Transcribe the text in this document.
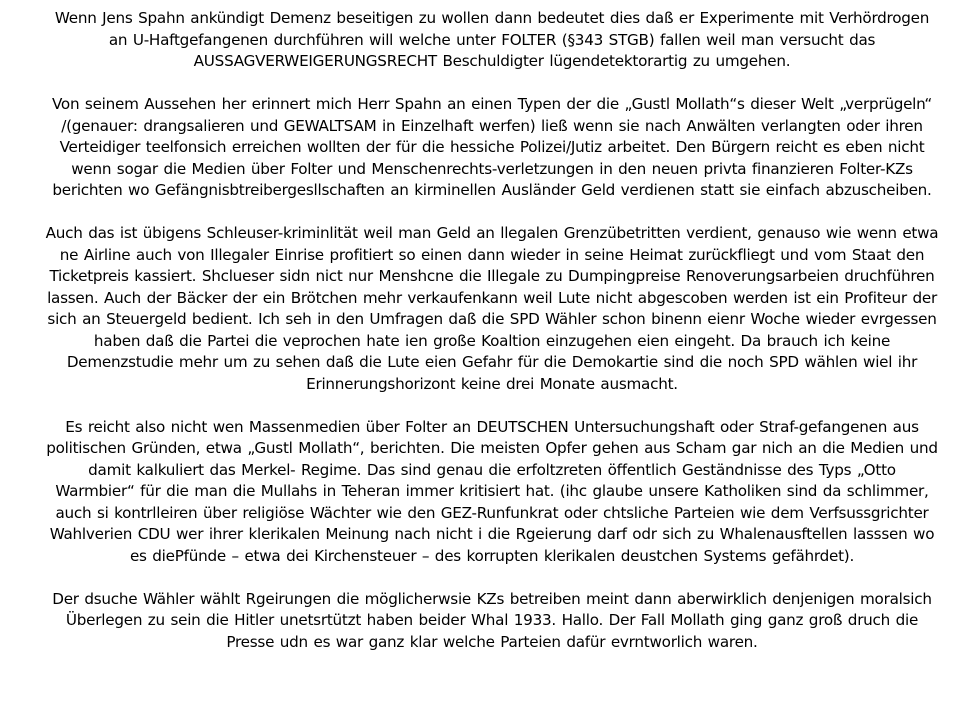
Wenn Jens Spahn ankündigt Demenz beseitigen zu wollen dann bedeutet dies daß er Experimente mit Verhördrogen
an U-Haftgefangenen durchführen will welche unter FOLTER (§343 STGB) fallen weil man versucht das
AUSSAGVERWEIGERUNGSRECHT Beschuldigter lügendetektorartig zu umgehen.

Von seinem Aussehen her erinnert mich Herr Spahn an einen Typen der die „Gustl Mollath“s dieser Welt „verprügeln“
/(genauer: drangsalieren und GEWALTSAM in Einzelhaft werfen) ließ wenn sie nach Anwälten verlangten oder ihren
Verteidiger teelfonsich erreichen wollten der für die hessiche Polizei/Jutiz arbeitet. Den Bürgern reicht es eben nicht
wenn sogar die Medien über Folter und Menschenrechts-verletzungen in den neuen privta finanzieren Folter-KZs
berichten wo Gefängnisbtreibergesllschaften an kirminellen Ausländer Geld verdienen statt sie einfach abzuscheiben.

Auch das ist übigens Schleuser-kriminlität weil man Geld an llegalen Grenzübetritten verdient, genauso wie wenn etwa
ne Airline auch von Illegaler Einrise profitiert so einen dann wieder in seine Heimat zurückfliegt und vom Staat den
Ticketpreis kassiert. Shclueser sidn nict nur Menshcne die Illegale zu Dumpingpreise Renoverungsarbeien druchführen
lassen. Auch der Bäcker der ein Brötchen mehr verkaufenkann weil Lute nicht abgescoben werden ist ein Profiteur der
sich an Steuergeld bedient. Ich seh in den Umfragen daß die SPD Wähler schon binenn eienr Woche wieder evrgessen
haben daß die Partei die veprochen hate ien große Koaltion einzugehen eien eingeht. Da brauch ich keine
Demenzstudie mehr um zu sehen daß die Lute eien Gefahr für die Demokartie sind die noch SPD wählen wiel ihr
Erinnerungshorizont keine drei Monate ausmacht.

Es reicht also nicht wen Massenmedien über Folter an DEUTSCHEN Untersuchungshaft oder Straf-gefangenen aus
politischen Gründen, etwa „Gustl Mollath“, berichten. Die meisten Opfer gehen aus Scham gar nich an die Medien und
damit kalkuliert das Merkel- Regime. Das sind genau die erfoltzreten öffentlich Geständnisse des Typs „Otto
Warmbier“ für die man die Mullahs in Teheran immer kritisiert hat. (ihc glaube unsere Katholiken sind da schlimmer,
auch si kontrlleiren über religiöse Wächter wie den GEZ-Runfunkrat oder chtsliche Parteien wie dem Verfsussgrichter
Wahlverien CDU wer ihrer klerikalen Meinung nach nicht i die Rgeierung darf odr sich zu Whalenausftellen lasssen wo
es diePfünde – etwa dei Kirchensteuer – des korrupten klerikalen deustchen Systems gefährdet).

Der dsuche Wähler wählt Rgeirungen die möglicherwsie KZs betreiben meint dann aberwirklich denjenigen moralsich
Überlegen zu sein die Hitler unetsrtützt haben beider Whal 1933. Hallo. Der Fall Mollath ging ganz groß druch die
Presse udn es war ganz klar welche Parteien dafür evrntworlich waren.
